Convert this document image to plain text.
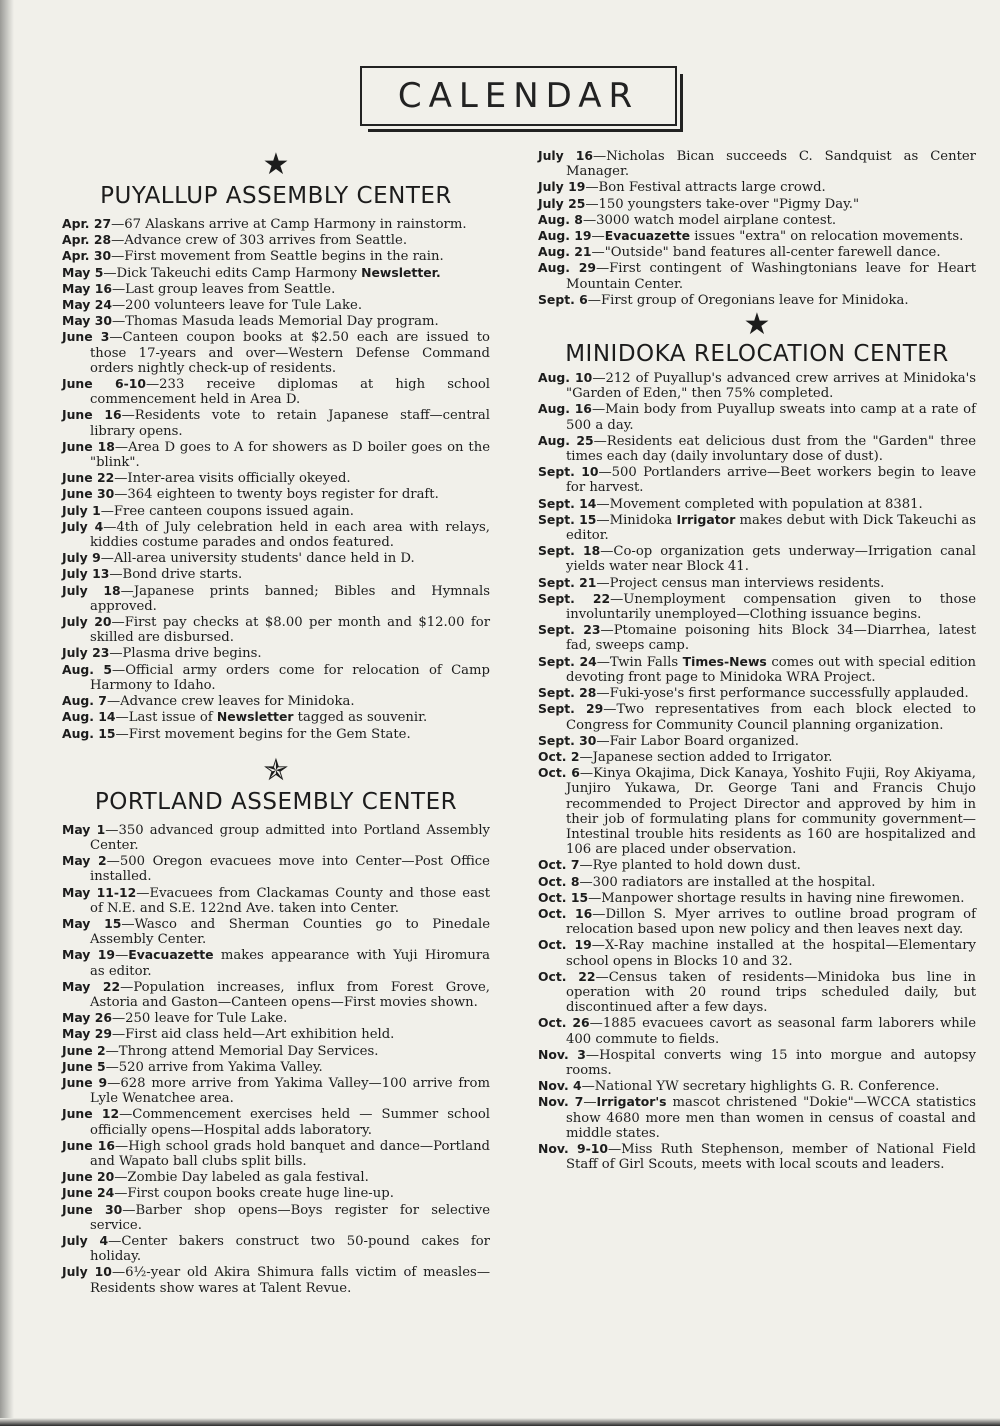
CALENDAR
★
PUYALLUP ASSEMBLY CENTER

Apr. 27—67 Alaskans arrive at Camp Harmony in rainstorm.

Apr. 28—Advance crew of 303 arrives from Seattle.

Apr. 30—First movement from Seattle begins in the rain.

May 5—Dick Takeuchi edits Camp Harmony Newsletter.

May 16—Last group leaves from Seattle.

May 24—200 volunteers leave for Tule Lake.

May 30—Thomas Masuda leads Memorial Day program.

June 3—Canteen coupon books at $2.50 each are issued to those 17-years and over—Western Defense Command orders nightly check-up of residents.

June 6-10—233 receive diplomas at high school commencement held in Area D.

June 16—Residents vote to retain Japanese staff—central library opens.

June 18—Area D goes to A for showers as D boiler goes on the "blink".

June 22—Inter-area visits officially okeyed.

June 30—364 eighteen to twenty boys register for draft.

July 1—Free canteen coupons issued again.

July 4—4th of July celebration held in each area with relays, kiddies costume parades and ondos featured.

July 9—All-area university students' dance held in D.

July 13—Bond drive starts.

July 18—Japanese prints banned; Bibles and Hymnals approved.

July 20—First pay checks at $8.00 per month and $12.00 for skilled are disbursed.

July 23—Plasma drive begins.

Aug. 5—Official army orders come for relocation of Camp Harmony to Idaho.

Aug. 7—Advance crew leaves for Minidoka.

Aug. 14—Last issue of Newsletter tagged as souvenir.

Aug. 15—First movement begins for the Gem State.

✯
PORTLAND ASSEMBLY CENTER

May 1—350 advanced group admitted into Portland Assembly Center.

May 2—500 Oregon evacuees move into Center—Post Office installed.

May 11-12—Evacuees from Clackamas County and those east of N.E. and S.E. 122nd Ave. taken into Center.

May 15—Wasco and Sherman Counties go to Pinedale Assembly Center.

May 19—Evacuazette makes appearance with Yuji Hiromura as editor.

May 22—Population increases, influx from Forest Grove, Astoria and Gaston—Canteen opens—First movies shown.

May 26—250 leave for Tule Lake.

May 29—First aid class held—Art exhibition held.

June 2—Throng attend Memorial Day Services.

June 5—520 arrive from Yakima Valley.

June 9—628 more arrive from Yakima Valley—100 arrive from Lyle Wenatchee area.

June 12—Commencement exercises held — Summer school officially opens—Hospital adds laboratory.

June 16—High school grads hold banquet and dance—Portland and Wapato ball clubs split bills.

June 20—Zombie Day labeled as gala festival.

June 24—First coupon books create huge line-up.

June 30—Barber shop opens—Boys register for selective service.

July 4—Center bakers construct two 50-pound cakes for holiday.

July 10—6½-year old Akira Shimura falls victim of measles—Residents show wares at Talent Revue.

July 16—Nicholas Bican succeeds C. Sandquist as Center Manager.

July 19—Bon Festival attracts large crowd.

July 25—150 youngsters take-over "Pigmy Day."

Aug. 8—3000 watch model airplane contest.

Aug. 19—Evacuazette issues "extra" on relocation movements.

Aug. 21—"Outside" band features all-center farewell dance.

Aug. 29—First contingent of Washingtonians leave for Heart Mountain Center.

Sept. 6—First group of Oregonians leave for Minidoka.

★
MINIDOKA RELOCATION CENTER

Aug. 10—212 of Puyallup's advanced crew arrives at Minidoka's "Garden of Eden," then 75% completed.

Aug. 16—Main body from Puyallup sweats into camp at a rate of 500 a day.

Aug. 25—Residents eat delicious dust from the "Garden" three times each day (daily involuntary dose of dust).

Sept. 10—500 Portlanders arrive—Beet workers begin to leave for harvest.

Sept. 14—Movement completed with population at 8381.

Sept. 15—Minidoka Irrigator makes debut with Dick Takeuchi as editor.

Sept. 18—Co-op organization gets underway—Irrigation canal yields water near Block 41.

Sept. 21—Project census man interviews residents.

Sept. 22—Unemployment compensation given to those involuntarily unemployed—Clothing issuance begins.

Sept. 23—Ptomaine poisoning hits Block 34—Diarrhea, latest fad, sweeps camp.

Sept. 24—Twin Falls Times-News comes out with special edition devoting front page to Minidoka WRA Project.

Sept. 28—Fuki-yose's first performance successfully applauded.

Sept. 29—Two representatives from each block elected to Congress for Community Council planning organization.

Sept. 30—Fair Labor Board organized.

Oct. 2—Japanese section added to Irrigator.

Oct. 6—Kinya Okajima, Dick Kanaya, Yoshito Fujii, Roy Akiyama, Junjiro Yukawa, Dr. George Tani and Francis Chujo recommended to Project Director and approved by him in their job of formulating plans for community government—Intestinal trouble hits residents as 160 are hospitalized and 106 are placed under observation.

Oct. 7—Rye planted to hold down dust.

Oct. 8—300 radiators are installed at the hospital.

Oct. 15—Manpower shortage results in having nine firewomen.

Oct. 16—Dillon S. Myer arrives to outline broad program of relocation based upon new policy and then leaves next day.

Oct. 19—X-Ray machine installed at the hospital—Elementary school opens in Blocks 10 and 32.

Oct. 22—Census taken of residents—Minidoka bus line in operation with 20 round trips scheduled daily, but discontinued after a few days.

Oct. 26—1885 evacuees cavort as seasonal farm laborers while 400 commute to fields.

Nov. 3—Hospital converts wing 15 into morgue and autopsy rooms.

Nov. 4—National YW secretary highlights G. R. Conference.

Nov. 7—Irrigator's mascot christened "Dokie"—WCCA statistics show 4680 more men than women in census of coastal and middle states.

Nov. 9-10—Miss Ruth Stephenson, member of National Field Staff of Girl Scouts, meets with local scouts and leaders.
